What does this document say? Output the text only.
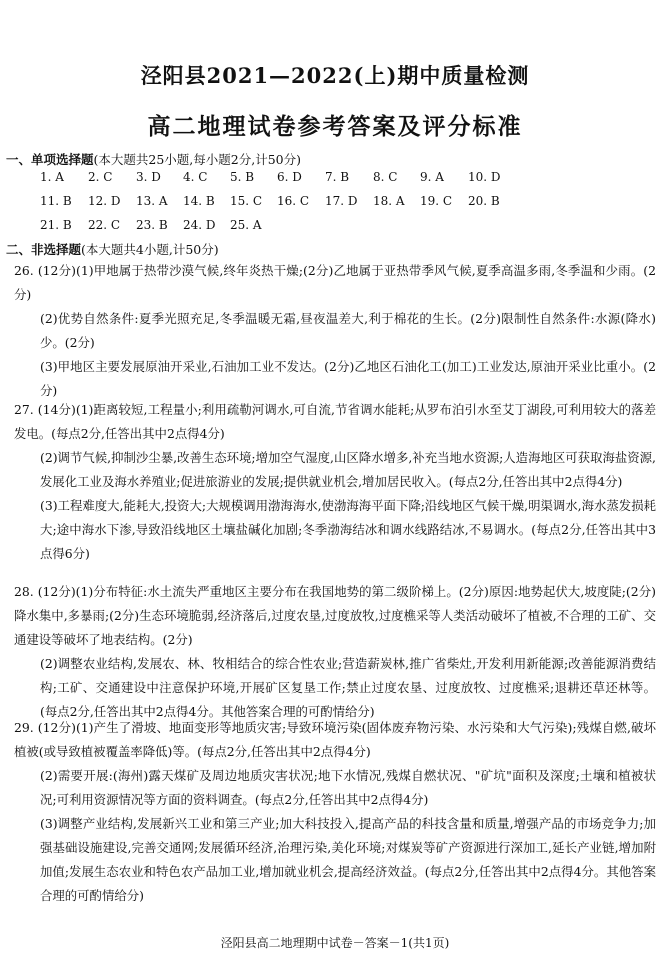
泾阳县2021—2022(上)期中质量检测
高二地理试卷参考答案及评分标准
一、单项选择题(本大题共25小题,每小题2分,计50分)
1. A 2. C 3. D 4. C 5. B 6. D 7. B 8. C 9. A 10. D
11. B 12. D 13. A 14. B 15. C 16. C 17. D 18. A 19. C 20. B
21. B 22. C 23. B 24. D 25. A
二、非选择题(本大题共4小题,计50分)

26. (12分)(1)甲地属于热带沙漠气候,终年炎热干燥;(2分)乙地属于亚热带季风气候,夏季高温多雨,冬季温和少雨。(2分)

(2)优势自然条件:夏季光照充足,冬季温暖无霜,昼夜温差大,利于棉花的生长。(2分)限制性自然条件:水源(降水)少。(2分)

(3)甲地区主要发展原油开采业,石油加工业不发达。(2分)乙地区石油化工(加工)工业发达,原油开采业比重小。(2分)

27. (14分)(1)距离较短,工程量小;利用疏勒河调水,可自流,节省调水能耗;从罗布泊引水至艾丁湖段,可利用较大的落差发电。(每点2分,任答出其中2点得4分)

(2)调节气候,抑制沙尘暴,改善生态环境;增加空气湿度,山区降水增多,补充当地水资源;人造海地区可获取海盐资源,发展化工业及海水养殖业;促进旅游业的发展;提供就业机会,增加居民收入。(每点2分,任答出其中2点得4分)

(3)工程难度大,能耗大,投资大;大规模调用渤海海水,使渤海海平面下降;沿线地区气候干燥,明渠调水,海水蒸发损耗大;途中海水下渗,导致沿线地区土壤盐碱化加剧;冬季渤海结冰和调水线路结冰,不易调水。(每点2分,任答出其中3点得6分)

28. (12分)(1)分布特征:水土流失严重地区主要分布在我国地势的第二级阶梯上。(2分)原因:地势起伏大,坡度陡;(2分)降水集中,多暴雨;(2分)生态环境脆弱,经济落后,过度农垦,过度放牧,过度樵采等人类活动破坏了植被,不合理的工矿、交通建设等破坏了地表结构。(2分)

(2)调整农业结构,发展农、林、牧相结合的综合性农业;营造薪炭林,推广省柴灶,开发利用新能源;改善能源消费结构;工矿、交通建设中注意保护环境,开展矿区复垦工作;禁止过度农垦、过度放牧、过度樵采;退耕还草还林等。(每点2分,任答出其中2点得4分。其他答案合理的可酌情给分)

29. (12分)(1)产生了滑坡、地面变形等地质灾害;导致环境污染(固体废弃物污染、水污染和大气污染);残煤自燃,破坏植被(或导致植被覆盖率降低)等。(每点2分,任答出其中2点得4分)

(2)需要开展:(海州)露天煤矿及周边地质灾害状况;地下水情况,残煤自燃状况、"矿坑"面积及深度;土壤和植被状况;可利用资源情况等方面的资料调查。(每点2分,任答出其中2点得4分)

(3)调整产业结构,发展新兴工业和第三产业;加大科技投入,提高产品的科技含量和质量,增强产品的市场竞争力;加强基础设施建设,完善交通网;发展循环经济,治理污染,美化环境;对煤炭等矿产资源进行深加工,延长产业链,增加附加值;发展生态农业和特色农产品加工业,增加就业机会,提高经济效益。(每点2分,任答出其中2点得4分。其他答案合理的可酌情给分)

泾阳县高二地理期中试卷－答案－1(共1页)
